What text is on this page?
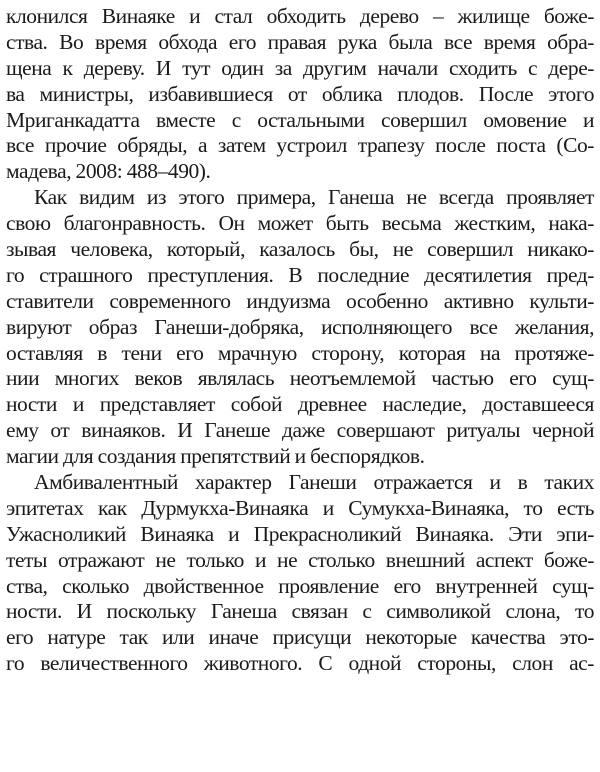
клонился Винаяке и стал обходить дерево – жилище боже-
ства. Во время обхода его правая рука была все время обра-
щена к дереву. И тут один за другим начали сходить с дере-
ва министры, избавившиеся от облика плодов. После этого
Мриганкадатта вместе с остальными совершил омовение и
все прочие обряды, а затем устроил трапезу после поста (Со-
мадева, 2008: 488–490).
Как видим из этого примера, Ганеша не всегда проявляет
свою благонравность. Он может быть весьма жестким, нака-
зывая человека, который, казалось бы, не совершил никако-
го страшного преступления. В последние десятилетия пред-
ставители современного индуизма особенно активно культи-
вируют образ Ганеши-добряка, исполняющего все желания,
оставляя в тени его мрачную сторону, которая на протяже-
нии многих веков являлась неотъемлемой частью его сущ-
ности и представляет собой древнее наследие, доставшееся
ему от винаяков. И Ганеше даже совершают ритуалы черной
магии для создания препятствий и беспорядков.
Амбивалентный характер Ганеши отражается и в таких
эпитетах как Дурмукха-Винаяка и Сумукха-Винаяка, то есть
Ужасноликий Винаяка и Прекрасноликий Винаяка. Эти эпи-
теты отражают не только и не столько внешний аспект боже-
ства, сколько двойственное проявление его внутренней сущ-
ности. И поскольку Ганеша связан с символикой слона, то
его натуре так или иначе присущи некоторые качества это-
го величественного животного. С одной стороны, слон ас-
